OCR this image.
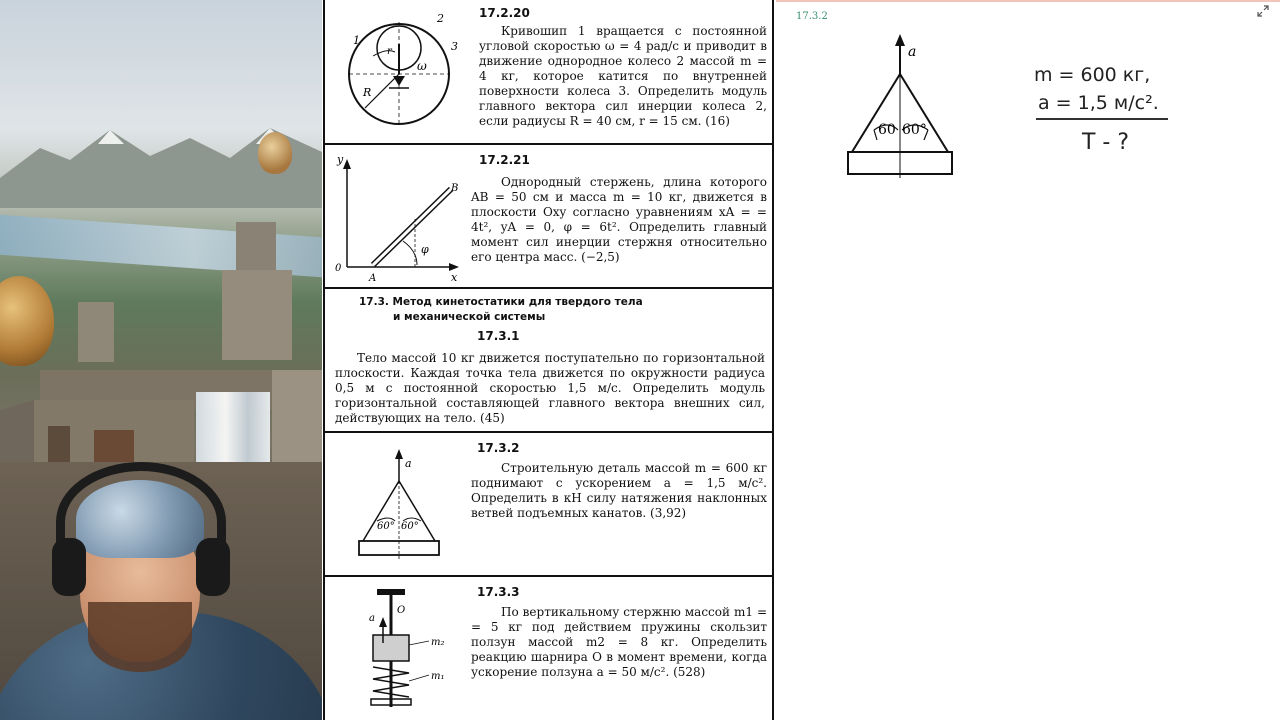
1
2
3
r
R
ω
17.2.20

Кривошип 1 вращается с постоянной угловой скоростью ω = 4 рад/с и приводит в движение однородное колесо 2 массой m = 4 кг, которое катится по внутренней поверхности колеса 3. Определить модуль главного вектора сил инерции колеса 2, если радиусы R = 40 см, r = 15 см. (16)

y
x
0
A
B
φ
17.2.21

Однородный стержень, длина которого AB = 50 см и масса m = 10 кг, движется в плоскости Oxy согласно уравнениям xA = = 4t², yA = 0, φ = 6t². Определить главный момент сил инерции стержня относительно его центра масс. (−2,5)

17.3. Метод кинетостатики для твердого тела
и механической системы
17.3.1

Тело массой 10 кг движется поступательно по горизонтальной плоскости. Каждая точка тела движется по окружности радиуса 0,5 м с постоянной скоростью 1,5 м/с. Определить модуль горизонтальной составляющей главного вектора внешних сил, действующих на тело. (45)

a
60° 60°
17.3.2

Строительную деталь массой m = 600 кг поднимают с ускорением a = 1,5 м/с². Определить в кН силу натяжения наклонных ветвей подъемных канатов. (3,92)

O
a
m₂
m₁
17.3.3

По вертикальному стержню массой m1 = = 5 кг под действием пружины скользит ползун массой m2 = 8 кг. Определить реакцию шарнира O в момент времени, когда ускорение ползуна a = 50 м/с². (528)

17.3.2
a
60 60°
m = 600 кг,
a = 1,5 м/с².
T - ?
